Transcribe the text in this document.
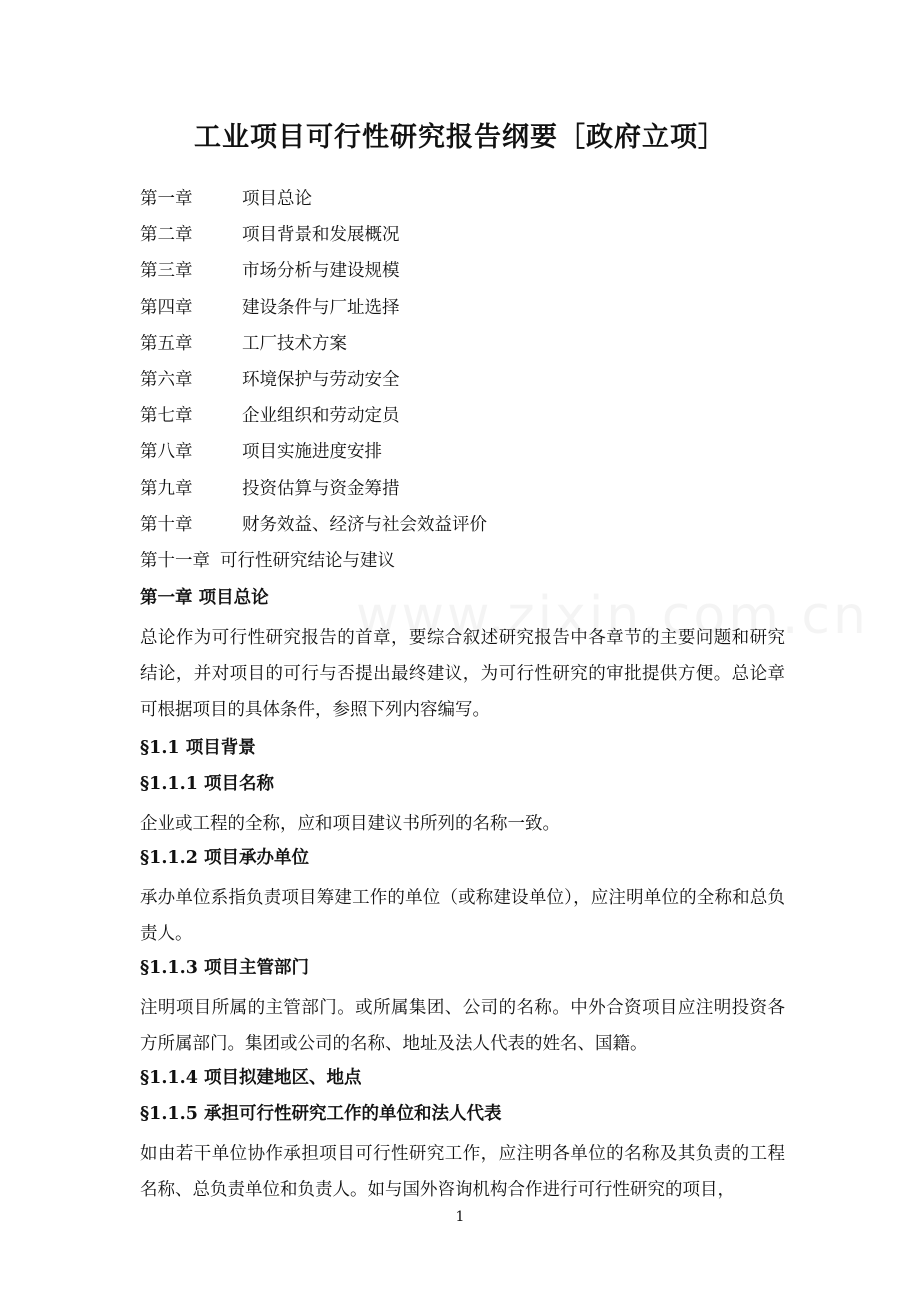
工业项目可行性研究报告纲要［政府立项］
第一章	项目总论
第二章	项目背景和发展概况
第三章	市场分析与建设规模
第四章	建设条件与厂址选择
第五章	工厂技术方案
第六章	环境保护与劳动安全
第七章	企业组织和劳动定员
第八章	项目实施进度安排
第九章	投资估算与资金筹措
第十章	财务效益、经济与社会效益评价
第十一章 可行性研究结论与建议

第一章 项目总论

总论作为可行性研究报告的首章，要综合叙述研究报告中各章节的主要问题和研究结论，并对项目的可行与否提出最终建议，为可行性研究的审批提供方便。总论章可根据项目的具体条件，参照下列内容编写。

§1.1 项目背景

§1.1.1 项目名称

企业或工程的全称，应和项目建议书所列的名称一致。

§1.1.2 项目承办单位

承办单位系指负责项目筹建工作的单位（或称建设单位），应注明单位的全称和总负责人。

§1.1.3 项目主管部门

注明项目所属的主管部门。或所属集团、公司的名称。中外合资项目应注明投资各方所属部门。集团或公司的名称、地址及法人代表的姓名、国籍。

§1.1.4 项目拟建地区、地点

§1.1.5 承担可行性研究工作的单位和法人代表

如由若干单位协作承担项目可行性研究工作，应注明各单位的名称及其负责的工程名称、总负责单位和负责人。如与国外咨询机构合作进行可行性研究的项目，

1
